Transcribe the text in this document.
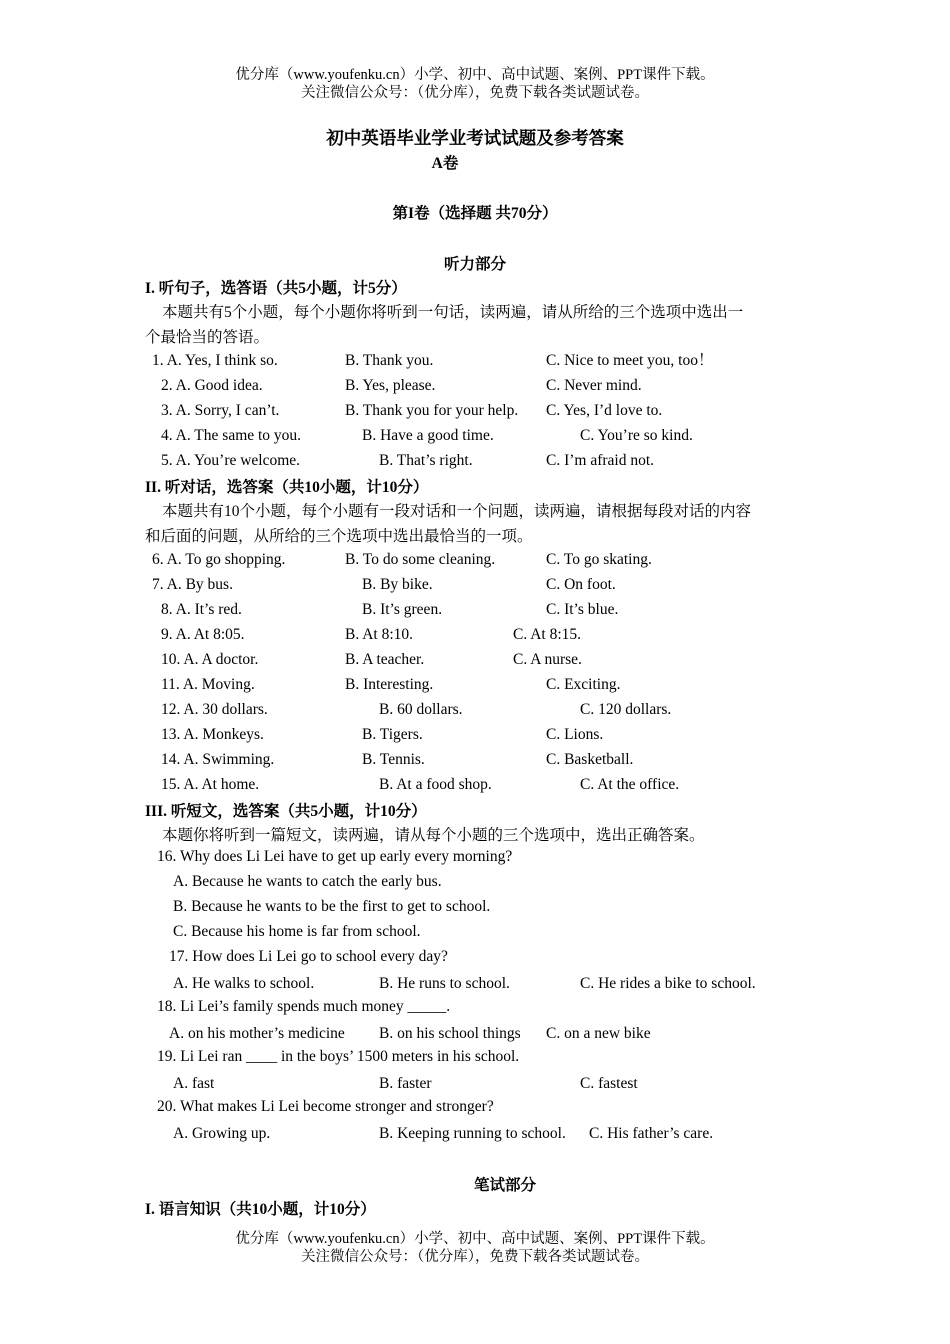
优分库（www.youfenku.cn）小学、初中、高中试题、案例、PPT课件下载。
关注微信公众号：（优分库），免费下载各类试题试卷。
初中英语毕业学业考试试题及参考答案
A卷
第I卷（选择题 共70分）
听力部分
I. 听句子，选答语（共5小题，计5分）
本题共有5个小题，每个小题你将听到一句话，读两遍，请从所给的三个选项中选出一
个最恰当的答语。
1. A. Yes, I think so.	B. Thank you.	C. Nice to meet you, too！
2. A. Good idea.	B. Yes, please.	C. Never mind.
3. A. Sorry, I can’t.	B. Thank you for your help. C. Yes, I’d love to.
4. A. The same to you.	B. Have a good time.	C. You’re so kind.
5. A. You’re welcome.	B. That’s right.	C. I’m afraid not.
II. 听对话，选答案（共10小题，计10分）
本题共有10个小题，每个小题有一段对话和一个问题，读两遍，请根据每段对话的内容
和后面的问题，从所给的三个选项中选出最恰当的一项。
6. A. To go shopping.	B. To do some cleaning.	C. To go skating.
7. A. By bus.	B. By bike.	C. On foot.
8. A. It’s red.	B. It’s green.	C. It’s blue.
9. A. At 8:05.	B. At 8:10.	C. At 8:15.
10. A. A doctor.	B. A teacher.	C. A nurse.
11. A. Moving.	B. Interesting.	C. Exciting.
12. A. 30 dollars.	B. 60 dollars.	C. 120 dollars.
13. A. Monkeys.	B. Tigers.	C. Lions.
14. A. Swimming.	B. Tennis.	C. Basketball.
15. A. At home.	B. At a food shop.	C. At the office.
III. 听短文，选答案（共5小题，计10分）
本题你将听到一篇短文，读两遍，请从每个小题的三个选项中，选出正确答案。
16. Why does Li Lei have to get up early every morning?
A. Because he wants to catch the early bus.
B. Because he wants to be the first to get to school.
C. Because his home is far from school.
17. How does Li Lei go to school every day?
A. He walks to school.	B. He runs to school.	C. He rides a bike to school.
18. Li Lei’s family spends much money _____.
A. on his mother’s medicine B. on his school things C. on a new bike
19. Li Lei ran ____ in the boys’ 1500 meters in his school.
A. fast	B. faster	C. fastest
20. What makes Li Lei become stronger and stronger?
A. Growing up.	B. Keeping running to school. C. His father’s care.
笔试部分
I. 语言知识（共10小题，计10分）
优分库（www.youfenku.cn）小学、初中、高中试题、案例、PPT课件下载。
关注微信公众号：（优分库），免费下载各类试题试卷。
